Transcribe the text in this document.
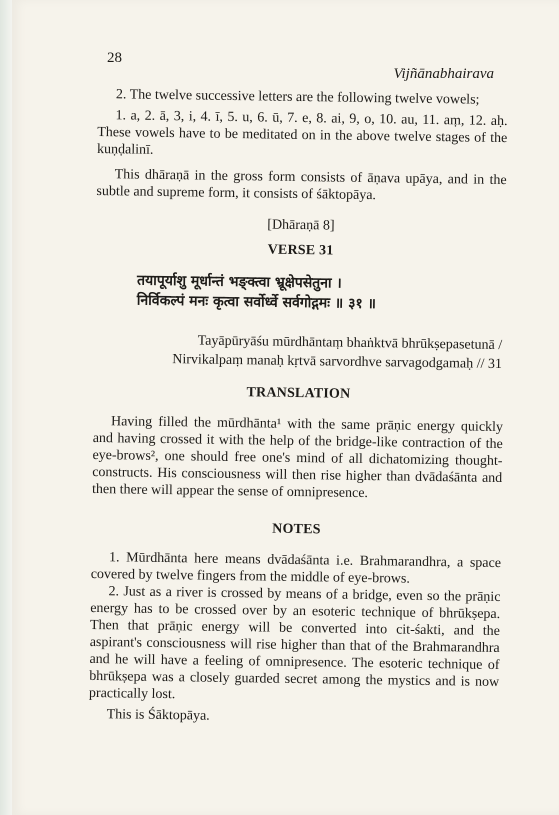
28
Vijñānabhairava

2. The twelve successive letters are the following twelve vowels;

1. a, 2. ā, 3, i, 4. ī, 5. u, 6. ū, 7. e, 8. ai, 9, o, 10. au, 11. aṃ, 12. aḥ. These vowels have to be meditated on in the above twelve stages of the kuṇḍalinī.

This dhāraṇā in the gross form consists of āṇava upāya, and in the subtle and supreme form, it consists of śāktopāya.

[Dhāraṇā 8]

VERSE 31

तयापूर्याशु मूर्धान्तं भङ्क्त्वा भ्रूक्षेपसेतुना ।
निर्विकल्पं मनः कृत्वा सर्वोर्ध्वे सर्वगोद्गमः ॥ ३१ ॥
Tayāpūryāśu mūrdhāntaṃ bhaṅktvā bhrūkṣepasetunā /
Nirvikalpaṃ manaḥ kṛtvā sarvordhve sarvagodgamaḥ // 31

TRANSLATION

Having filled the mūrdhānta¹ with the same prāṇic energy quickly and having crossed it with the help of the bridge-like contraction of the eye-brows², one should free one's mind of all dichatomizing thought-constructs. His consciousness will then rise higher than dvādaśānta and then there will appear the sense of omnipresence.

NOTES

1. Mūrdhānta here means dvādaśānta i.e. Brahmarandhra, a space covered by twelve fingers from the middle of eye-brows.

2. Just as a river is crossed by means of a bridge, even so the prāṇic energy has to be crossed over by an esoteric technique of bhrūkṣepa. Then that prāṇic energy will be converted into cit-śakti, and the aspirant's consciousness will rise higher than that of the Brahmarandhra and he will have a feeling of omnipresence. The esoteric technique of bhrūkṣepa was a closely guarded secret among the mystics and is now practically lost.

This is Śāktopāya.
